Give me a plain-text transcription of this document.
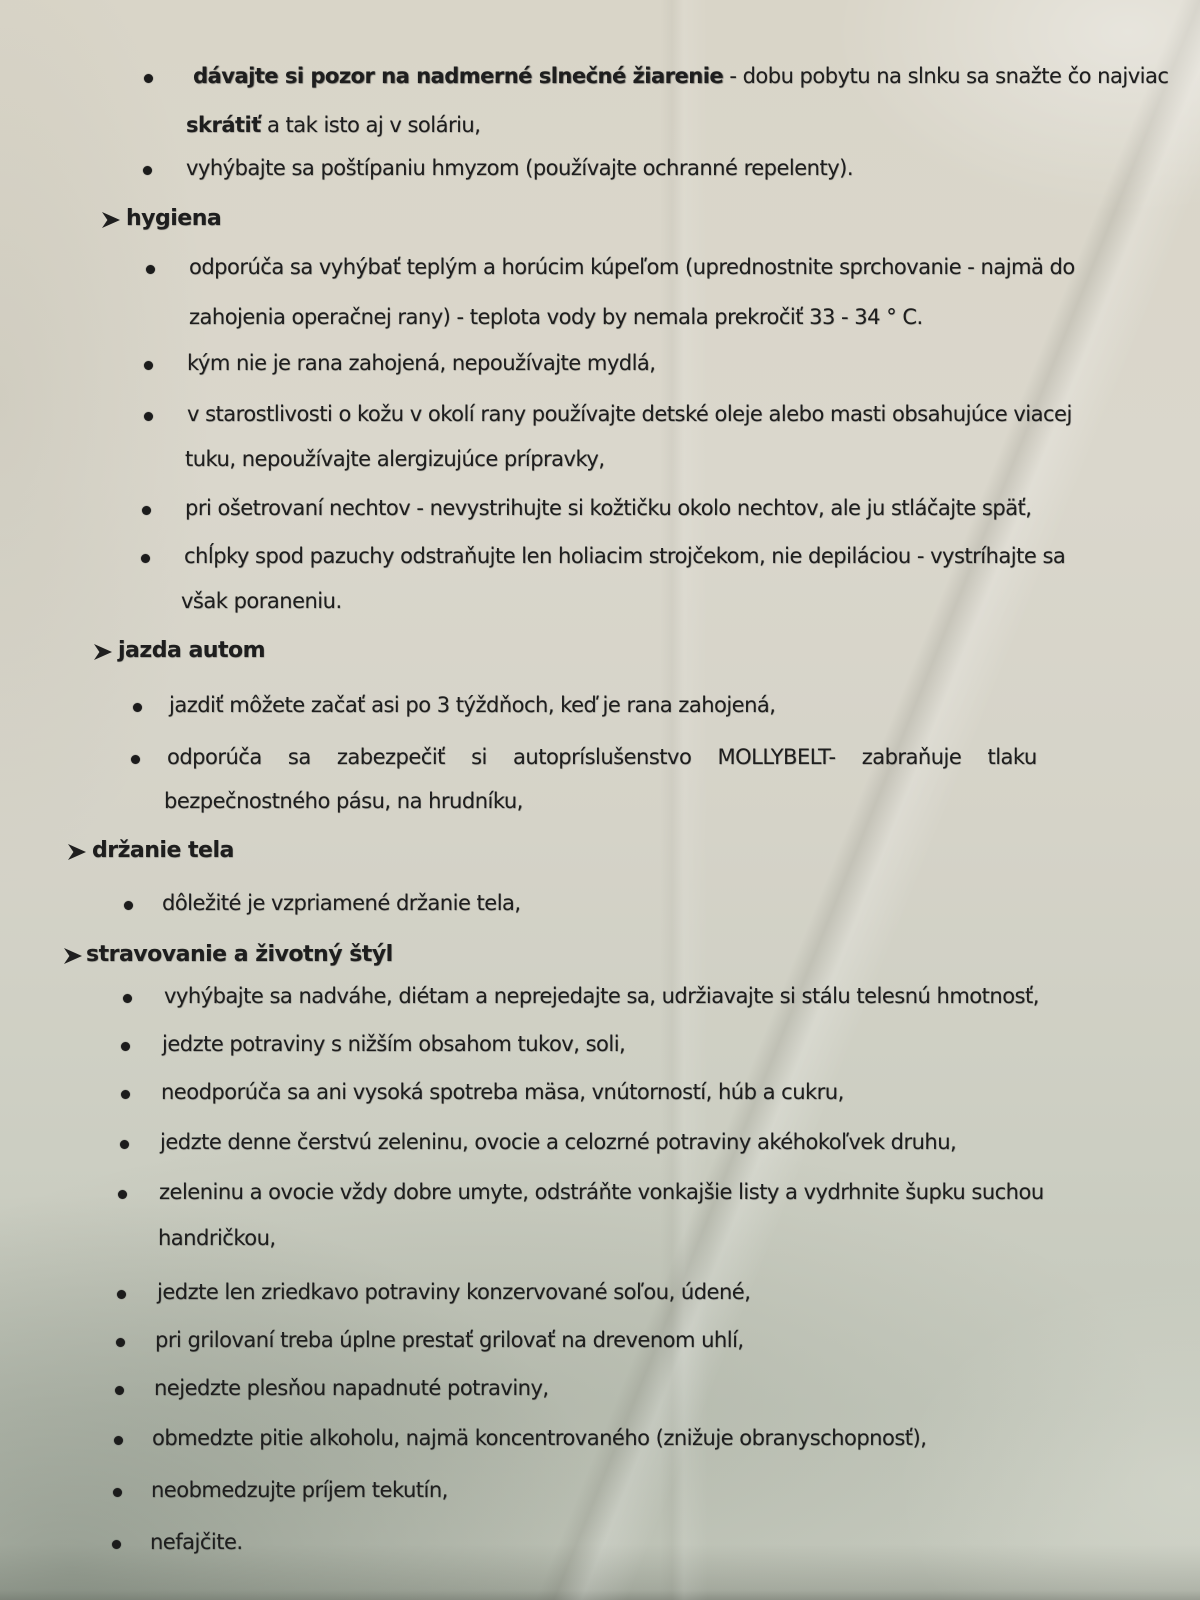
dávajte si pozor na nadmerné slnečné žiarenie - dobu pobytu na slnku sa snažte čo najviac
skrátiť a tak isto aj v soláriu,
vyhýbajte sa poštípaniu hmyzom (používajte ochranné repelenty).
hygiena
odporúča sa vyhýbať teplým a horúcim kúpeľom (uprednostnite sprchovanie - najmä do
zahojenia operačnej rany) - teplota vody by nemala prekročiť 33 - 34 ° C.
kým nie je rana zahojená, nepoužívajte mydlá,
v starostlivosti o kožu v okolí rany používajte detské oleje alebo masti obsahujúce viacej
tuku, nepoužívajte alergizujúce prípravky,
pri ošetrovaní nechtov - nevystrihujte si kožtičku okolo nechtov, ale ju stláčajte späť,
chĺpky spod pazuchy odstraňujte len holiacim strojčekom, nie depiláciou - vystríhajte sa
však poraneniu.
jazda autom
jazdiť môžete začať asi po 3 týždňoch, keď je rana zahojená,
odporúča sa zabezpečiť si autopríslušenstvo MOLLYBELT- zabraňuje tlaku
bezpečnostného pásu, na hrudníku,
držanie tela
dôležité je vzpriamené držanie tela,
stravovanie a životný štýl
vyhýbajte sa nadváhe, diétam a neprejedajte sa, udržiavajte si stálu telesnú hmotnosť,
jedzte potraviny s nižším obsahom tukov, soli,
neodporúča sa ani vysoká spotreba mäsa, vnútorností, húb a cukru,
jedzte denne čerstvú zeleninu, ovocie a celozrné potraviny akéhokoľvek druhu,
zeleninu a ovocie vždy dobre umyte, odstráňte vonkajšie listy a vydrhnite šupku suchou
handričkou,
jedzte len zriedkavo potraviny konzervované soľou, údené,
pri grilovaní treba úplne prestať grilovať na drevenom uhlí,
nejedzte plesňou napadnuté potraviny,
obmedzte pitie alkoholu, najmä koncentrovaného (znižuje obranyschopnosť),
neobmedzujte príjem tekutín,
nefajčite.
